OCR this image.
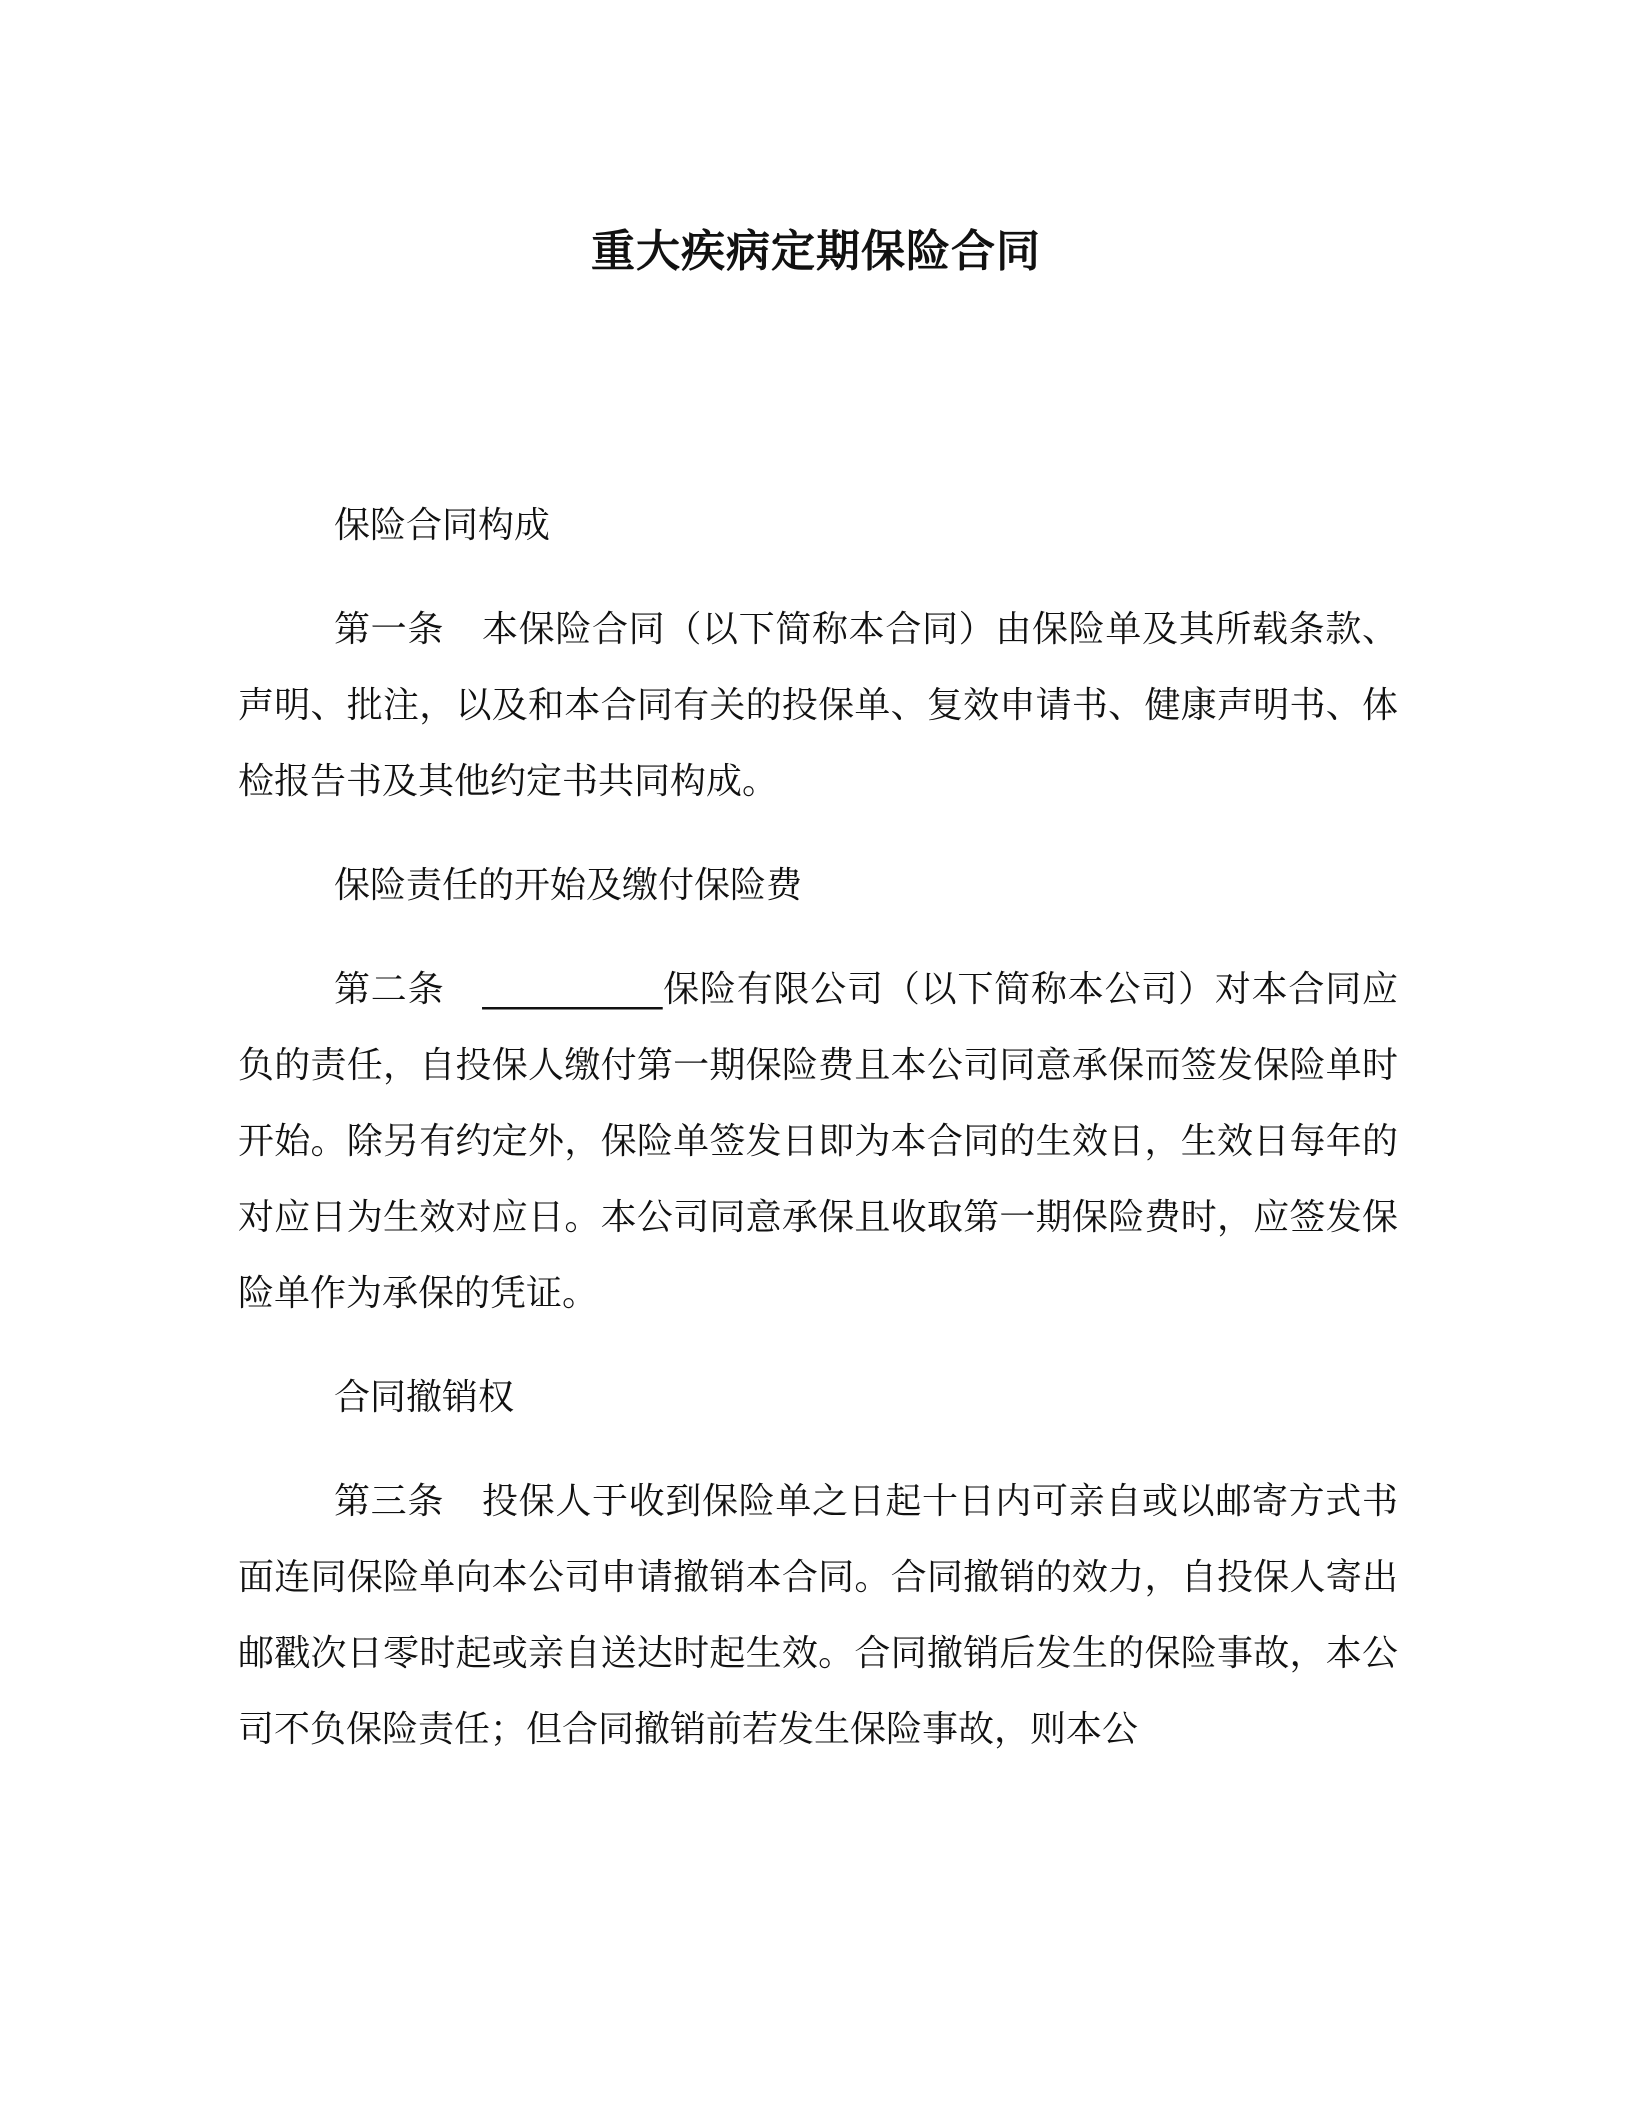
重大疾病定期保险合同
保险合同构成

第一条 本保险合同（以下简称本合同）由保险单及其所载条款、声明、批注，以及和本合同有关的投保单、复效申请书、健康声明书、体检报告书及其他约定书共同构成。

保险责任的开始及缴付保险费

第二条 __________保险有限公司（以下简称本公司）对本合同应负的责任，自投保人缴付第一期保险费且本公司同意承保而签发保险单时开始。除另有约定外，保险单签发日即为本合同的生效日，生效日每年的对应日为生效对应日。本公司同意承保且收取第一期保险费时，应签发保险单作为承保的凭证。

合同撤销权

第三条 投保人于收到保险单之日起十日内可亲自或以邮寄方式书面连同保险单向本公司申请撤销本合同。合同撤销的效力，自投保人寄出邮戳次日零时起或亲自送达时起生效。合同撤销后发生的保险事故，本公司不负保险责任；但合同撤销前若发生保险事故，则本公
